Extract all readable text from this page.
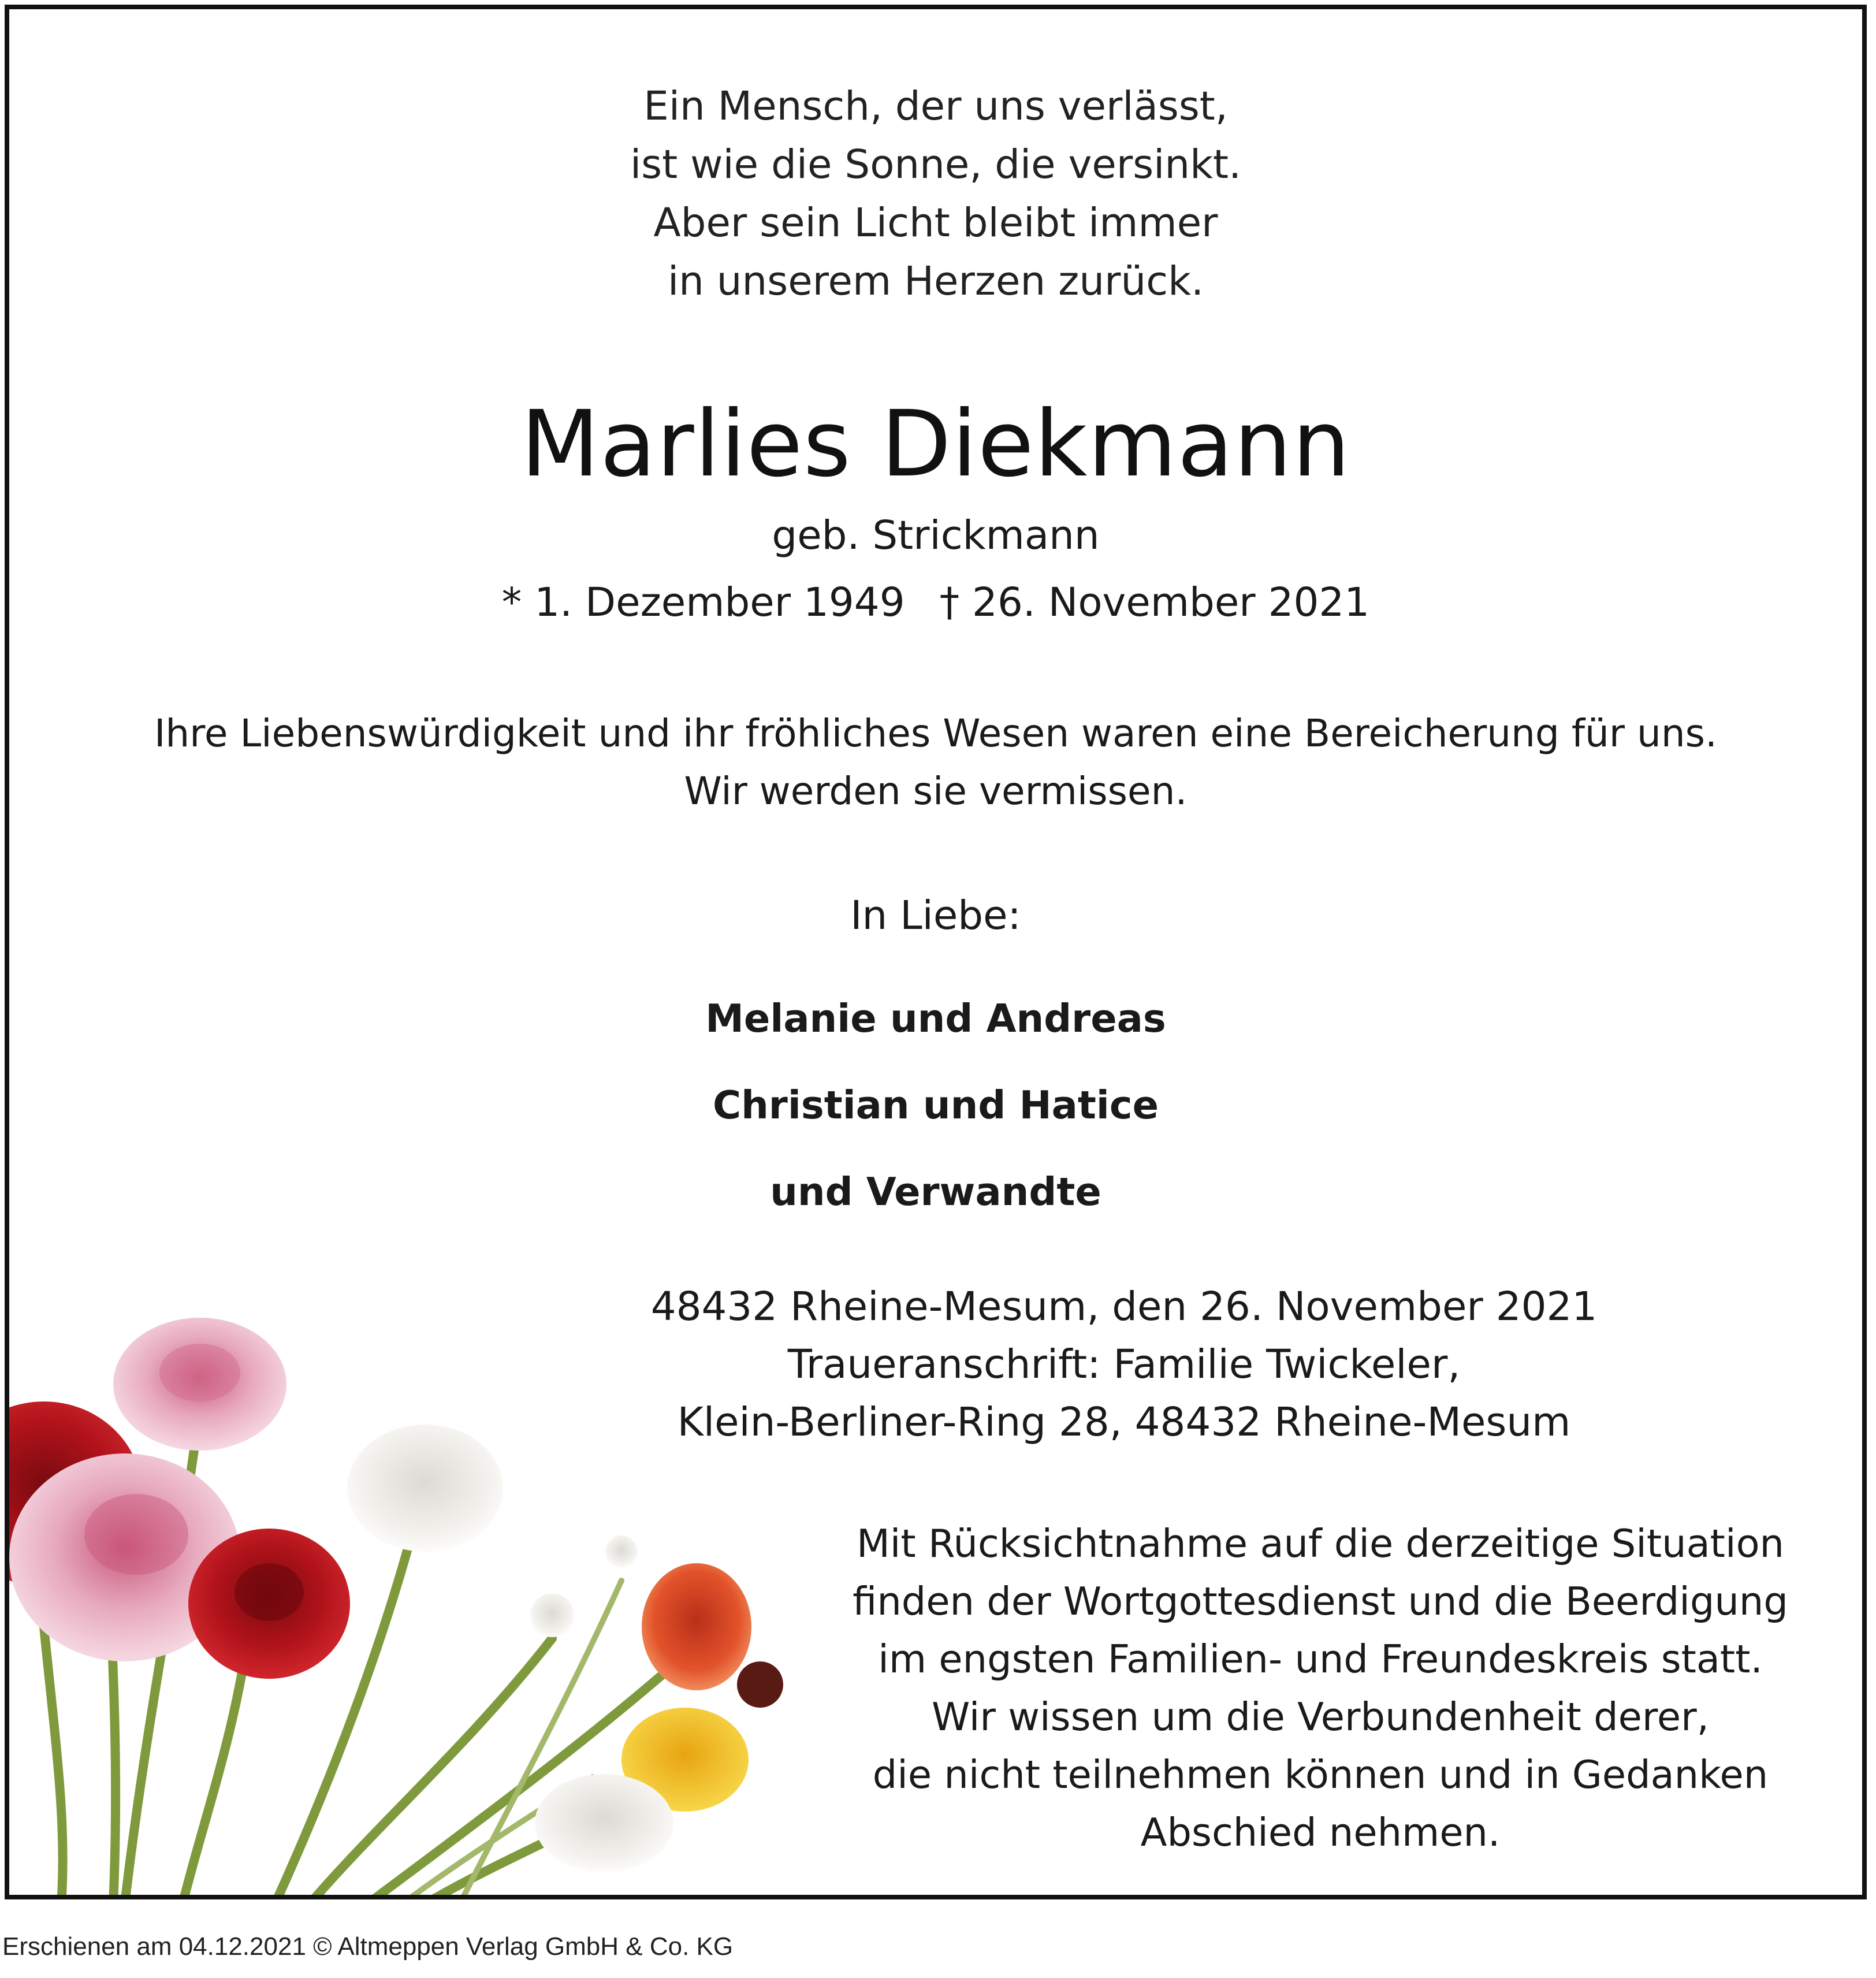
Ein Mensch, der uns verlässt,
ist wie die Sonne, die versinkt.
Aber sein Licht bleibt immer
in unserem Herzen zurück.
Marlies Diekmann
geb. Strickmann
* 1. Dezember 1949 † 26. November 2021
Ihre Liebenswürdigkeit und ihr fröhliches Wesen waren eine Bereicherung für uns.
Wir werden sie vermissen.
In Liebe:
Melanie und Andreas
Christian und Hatice
und Verwandte
48432 Rheine-Mesum, den 26. November 2021
Traueranschrift: Familie Twickeler,
Klein-Berliner-Ring 28, 48432 Rheine-Mesum
Mit Rücksichtnahme auf die derzeitige Situation
finden der Wortgottesdienst und die Beerdigung
im engsten Familien- und Freundeskreis statt.
Wir wissen um die Verbundenheit derer,
die nicht teilnehmen können und in Gedanken
Abschied nehmen.
Erschienen am 04.12.2021 © Altmeppen Verlag GmbH & Co. KG
